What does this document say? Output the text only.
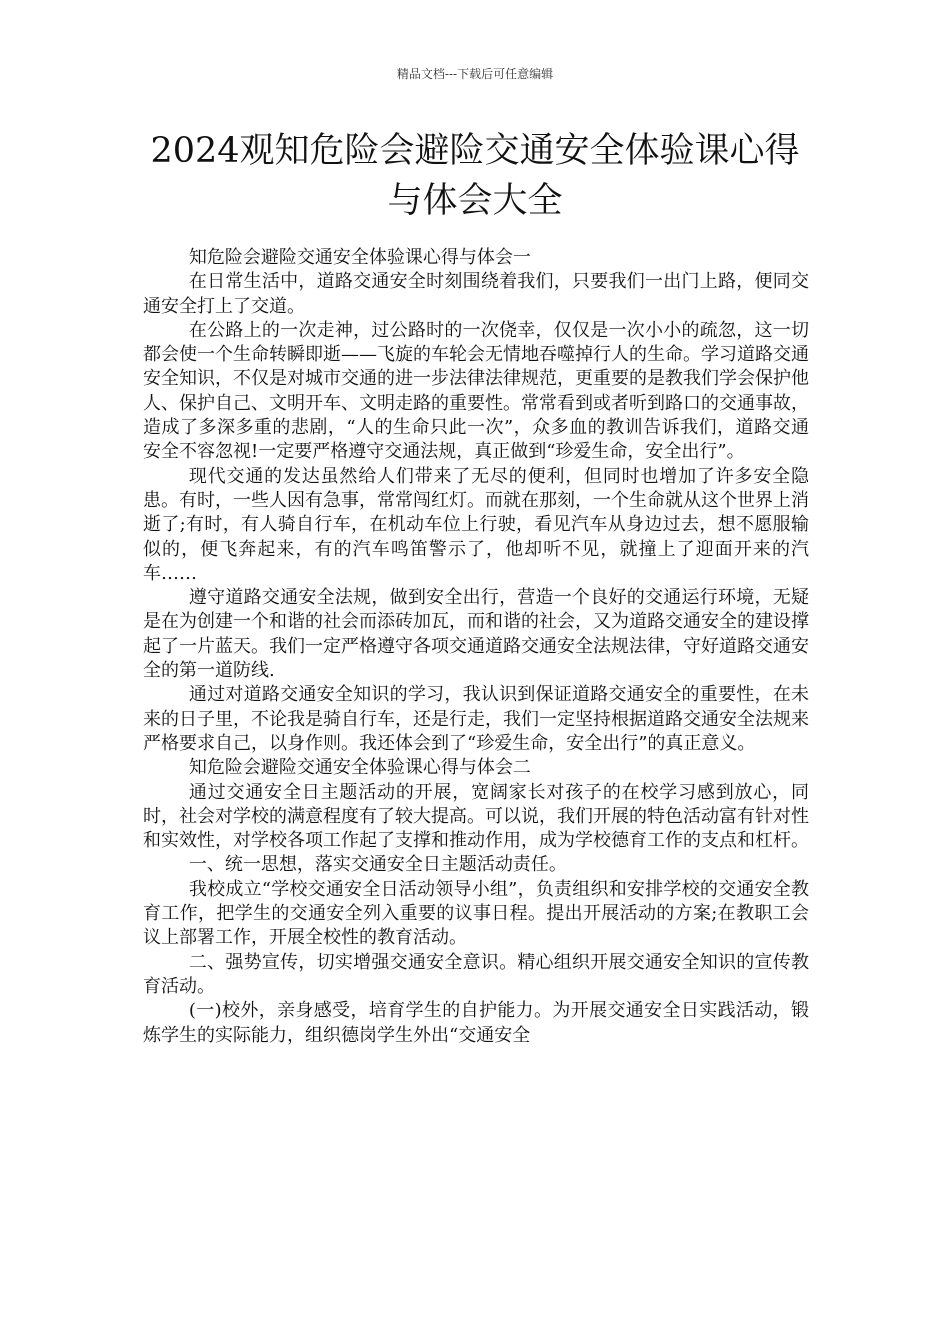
精品文档---下载后可任意编辑
2024观知危险会避险交通安全体验课心得
与体会大全

知危险会避险交通安全体验课心得与体会一

在日常生活中，道路交通安全时刻围绕着我们，只要我们一出门上路，便同交通安全打上了交道。

在公路上的一次走神，过公路时的一次侥幸，仅仅是一次小小的疏忽，这一切都会使一个生命转瞬即逝——飞旋的车轮会无情地吞噬掉行人的生命。学习道路交通安全知识，不仅是对城市交通的进一步法律法律规范，更重要的是教我们学会保护他人、保护自己、文明开车、文明走路的重要性。常常看到或者听到路口的交通事故，造成了多深多重的悲剧，“人的生命只此一次”，众多血的教训告诉我们，道路交通安全不容忽视!一定要严格遵守交通法规，真正做到“珍爱生命，安全出行”。

现代交通的发达虽然给人们带来了无尽的便利，但同时也增加了许多安全隐患。有时，一些人因有急事，常常闯红灯。而就在那刻，一个生命就从这个世界上消逝了;有时，有人骑自行车，在机动车位上行驶，看见汽车从身边过去，想不愿服输似的，便飞奔起来，有的汽车鸣笛警示了，他却听不见，就撞上了迎面开来的汽车……

遵守道路交通安全法规，做到安全出行，营造一个良好的交通运行环境，无疑是在为创建一个和谐的社会而添砖加瓦，而和谐的社会，又为道路交通安全的建设撑起了一片蓝天。我们一定严格遵守各项交通道路交通安全法规法律，守好道路交通安全的第一道防线.

通过对道路交通安全知识的学习，我认识到保证道路交通安全的重要性，在未来的日子里，不论我是骑自行车，还是行走，我们一定坚持根据道路交通安全法规来严格要求自己，以身作则。我还体会到了“珍爱生命，安全出行”的真正意义。

知危险会避险交通安全体验课心得与体会二

通过交通安全日主题活动的开展，宽阔家长对孩子的在校学习感到放心，同时，社会对学校的满意程度有了较大提高。可以说，我们开展的特色活动富有针对性和实效性，对学校各项工作起了支撑和推动作用，成为学校德育工作的支点和杠杆。

一、统一思想，落实交通安全日主题活动责任。

我校成立“学校交通安全日活动领导小组”，负责组织和安排学校的交通安全教育工作，把学生的交通安全列入重要的议事日程。提出开展活动的方案;在教职工会议上部署工作，开展全校性的教育活动。

二、强势宣传，切实增强交通安全意识。精心组织开展交通安全知识的宣传教育活动。

(一)校外，亲身感受，培育学生的自护能力。为开展交通安全日实践活动，锻炼学生的实际能力，组织德岗学生外出“交通安全
